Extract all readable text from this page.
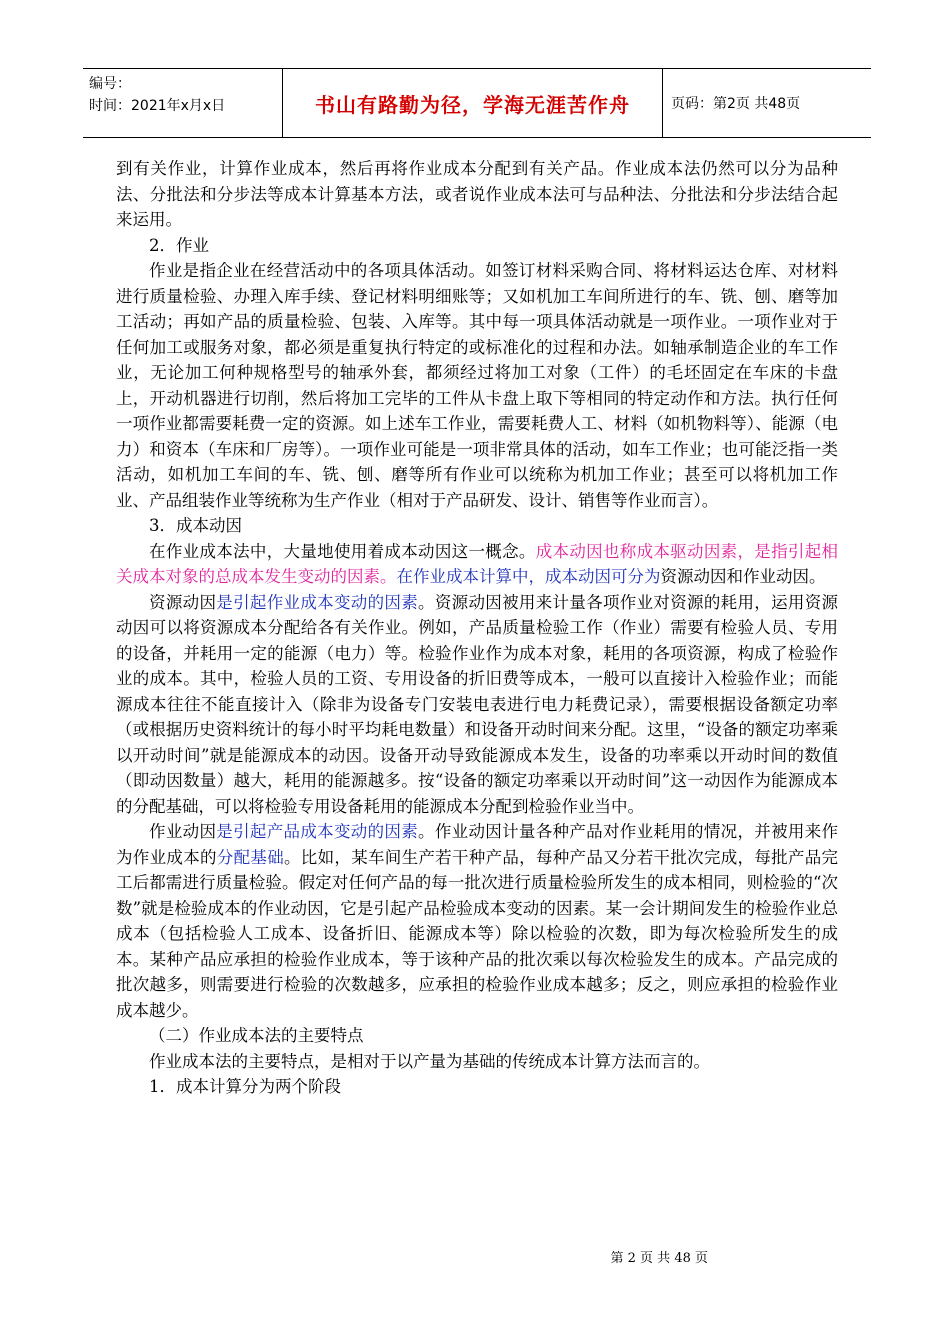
编号：
时间：2021年x月x日	书山有路勤为径，学海无涯苦作舟	页码：第2页 共48页

到有关作业，计算作业成本，然后再将作业成本分配到有关产品。作业成本法仍然可以分为品种法、分批法和分步法等成本计算基本方法，或者说作业成本法可与品种法、分批法和分步法结合起来运用。

2．作业

作业是指企业在经营活动中的各项具体活动。如签订材料采购合同、将材料运达仓库、对材料进行质量检验、办理入库手续、登记材料明细账等；又如机加工车间所进行的车、铣、刨、磨等加工活动；再如产品的质量检验、包装、入库等。其中每一项具体活动就是一项作业。一项作业对于任何加工或服务对象，都必须是重复执行特定的或标准化的过程和办法。如轴承制造企业的车工作业，无论加工何种规格型号的轴承外套，都须经过将加工对象（工件）的毛坯固定在车床的卡盘上，开动机器进行切削，然后将加工完毕的工件从卡盘上取下等相同的特定动作和方法。执行任何一项作业都需要耗费一定的资源。如上述车工作业，需要耗费人工、材料（如机物料等）、能源（电力）和资本（车床和厂房等）。一项作业可能是一项非常具体的活动，如车工作业；也可能泛指一类活动，如机加工车间的车、铣、刨、磨等所有作业可以统称为机加工作业；甚至可以将机加工作业、产品组装作业等统称为生产作业（相对于产品研发、设计、销售等作业而言）。

3．成本动因

在作业成本法中，大量地使用着成本动因这一概念。成本动因也称成本驱动因素，是指引起相关成本对象的总成本发生变动的因素。在作业成本计算中，成本动因可分为资源动因和作业动因。

资源动因是引起作业成本变动的因素。资源动因被用来计量各项作业对资源的耗用，运用资源动因可以将资源成本分配给各有关作业。例如，产品质量检验工作（作业）需要有检验人员、专用的设备，并耗用一定的能源（电力）等。检验作业作为成本对象，耗用的各项资源，构成了检验作业的成本。其中，检验人员的工资、专用设备的折旧费等成本，一般可以直接计入检验作业；而能源成本往往不能直接计入（除非为设备专门安装电表进行电力耗费记录），需要根据设备额定功率（或根据历史资料统计的每小时平均耗电数量）和设备开动时间来分配。这里，“设备的额定功率乘以开动时间”就是能源成本的动因。设备开动导致能源成本发生，设备的功率乘以开动时间的数值（即动因数量）越大，耗用的能源越多。按“设备的额定功率乘以开动时间”这一动因作为能源成本的分配基础，可以将检验专用设备耗用的能源成本分配到检验作业当中。

作业动因是引起产品成本变动的因素。作业动因计量各种产品对作业耗用的情况，并被用来作为作业成本的分配基础。比如，某车间生产若干种产品，每种产品又分若干批次完成，每批产品完工后都需进行质量检验。假定对任何产品的每一批次进行质量检验所发生的成本相同，则检验的“次数”就是检验成本的作业动因，它是引起产品检验成本变动的因素。某一会计期间发生的检验作业总成本（包括检验人工成本、设备折旧、能源成本等）除以检验的次数，即为每次检验所发生的成本。某种产品应承担的检验作业成本，等于该种产品的批次乘以每次检验发生的成本。产品完成的批次越多，则需要进行检验的次数越多，应承担的检验作业成本越多；反之，则应承担的检验作业成本越少。

（二）作业成本法的主要特点

作业成本法的主要特点，是相对于以产量为基础的传统成本计算方法而言的。

1．成本计算分为两个阶段

第 2 页 共 48 页
